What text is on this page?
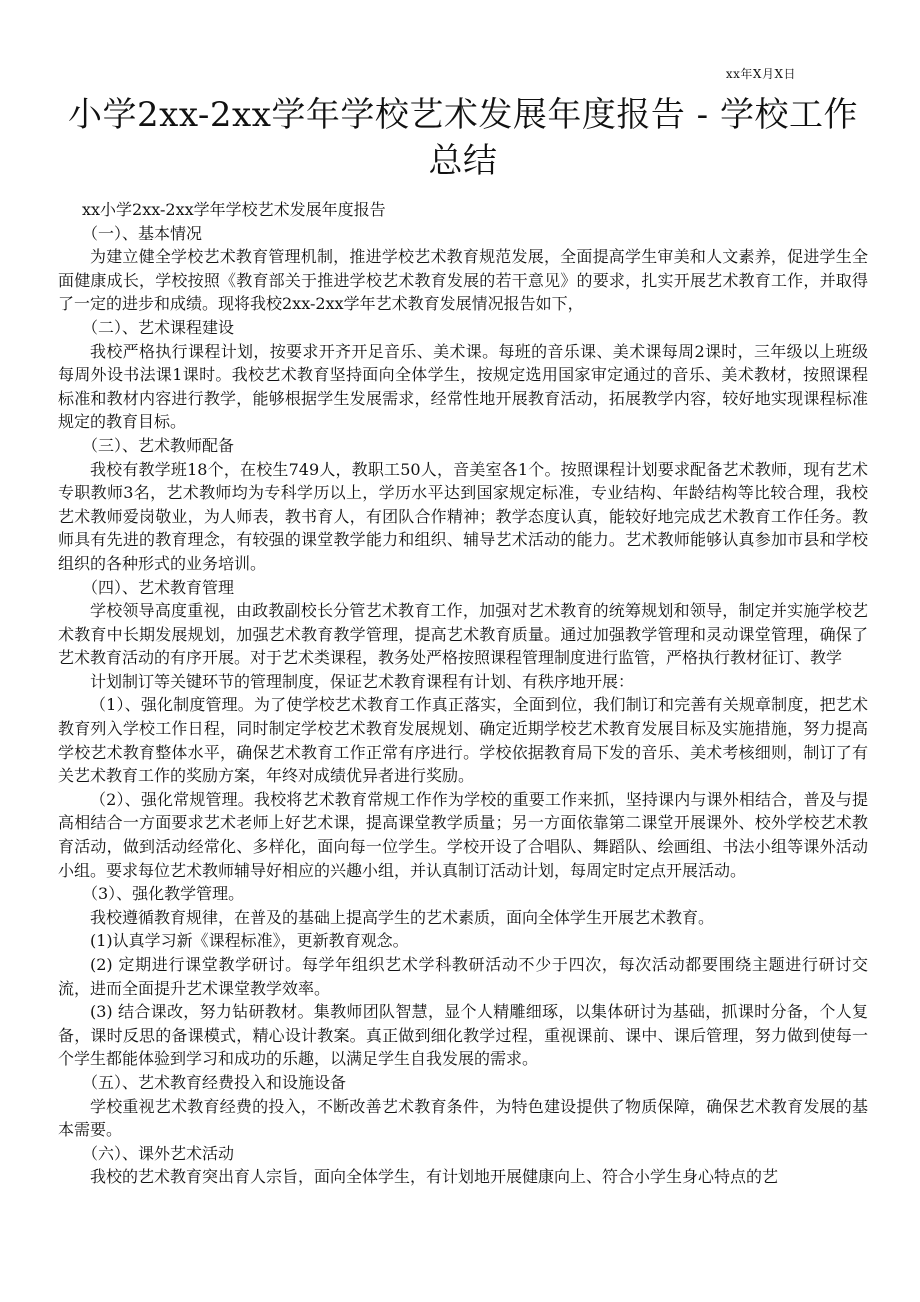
xx年X月X日
小学2xx-2xx学年学校艺术发展年度报告 - 学校工作总结

xx小学2xx-2xx学年学校艺术发展年度报告

（一）、基本情况

为建立健全学校艺术教育管理机制，推进学校艺术教育规范发展，全面提高学生审美和人文素养，促进学生全面健康成长，学校按照《教育部关于推进学校艺术教育发展的若干意见》的要求，扎实开展艺术教育工作，并取得了一定的进步和成绩。现将我校2xx-2xx学年艺术教育发展情况报告如下，

（二）、艺术课程建设

我校严格执行课程计划，按要求开齐开足音乐、美术课。每班的音乐课、美术课每周2课时，三年级以上班级每周外设书法课1课时。我校艺术教育坚持面向全体学生，按规定选用国家审定通过的音乐、美术教材，按照课程标准和教材内容进行教学，能够根据学生发展需求，经常性地开展教育活动，拓展教学内容，较好地实现课程标准规定的教育目标。

（三）、艺术教师配备

我校有教学班18个，在校生749人，教职工50人，音美室各1个。按照课程计划要求配备艺术教师，现有艺术专职教师3名，艺术教师均为专科学历以上，学历水平达到国家规定标准，专业结构、年龄结构等比较合理，我校艺术教师爱岗敬业，为人师表，教书育人，有团队合作精神；教学态度认真，能较好地完成艺术教育工作任务。教师具有先进的教育理念，有较强的课堂教学能力和组织、辅导艺术活动的能力。艺术教师能够认真参加市县和学校组织的各种形式的业务培训。

（四）、艺术教育管理

学校领导高度重视，由政教副校长分管艺术教育工作，加强对艺术教育的统筹规划和领导，制定并实施学校艺术教育中长期发展规划，加强艺术教育教学管理，提高艺术教育质量。通过加强教学管理和灵动课堂管理，确保了艺术教育活动的有序开展。对于艺术类课程，教务处严格按照课程管理制度进行监管，严格执行教材征订、教学

计划制订等关键环节的管理制度，保证艺术教育课程有计划、有秩序地开展：

（1）、强化制度管理。为了使学校艺术教育工作真正落实，全面到位，我们制订和完善有关规章制度，把艺术教育列入学校工作日程，同时制定学校艺术教育发展规划、确定近期学校艺术教育发展目标及实施措施，努力提高学校艺术教育整体水平，确保艺术教育工作正常有序进行。学校依据教育局下发的音乐、美术考核细则，制订了有关艺术教育工作的奖励方案，年终对成绩优异者进行奖励。

（2）、强化常规管理。我校将艺术教育常规工作作为学校的重要工作来抓，坚持课内与课外相结合，普及与提高相结合一方面要求艺术老师上好艺术课，提高课堂教学质量；另一方面依靠第二课堂开展课外、校外学校艺术教育活动，做到活动经常化、多样化，面向每一位学生。学校开设了合唱队、舞蹈队、绘画组、书法小组等课外活动小组。要求每位艺术教师辅导好相应的兴趣小组，并认真制订活动计划，每周定时定点开展活动。

（3）、强化教学管理。

我校遵循教育规律，在普及的基础上提高学生的艺术素质，面向全体学生开展艺术教育。

(1)认真学习新《课程标准》，更新教育观念。

(2) 定期进行课堂教学研讨。每学年组织艺术学科教研活动不少于四次，每次活动都要围绕主题进行研讨交流，进而全面提升艺术课堂教学效率。

(3) 结合课改，努力钻研教材。集教师团队智慧，显个人精雕细琢，以集体研讨为基础，抓课时分备，个人复备，课时反思的备课模式，精心设计教案。真正做到细化教学过程，重视课前、课中、课后管理，努力做到使每一个学生都能体验到学习和成功的乐趣，以满足学生自我发展的需求。

（五）、艺术教育经费投入和设施设备

学校重视艺术教育经费的投入，不断改善艺术教育条件，为特色建设提供了物质保障，确保艺术教育发展的基本需要。

（六）、课外艺术活动

我校的艺术教育突出育人宗旨，面向全体学生，有计划地开展健康向上、符合小学生身心特点的艺
